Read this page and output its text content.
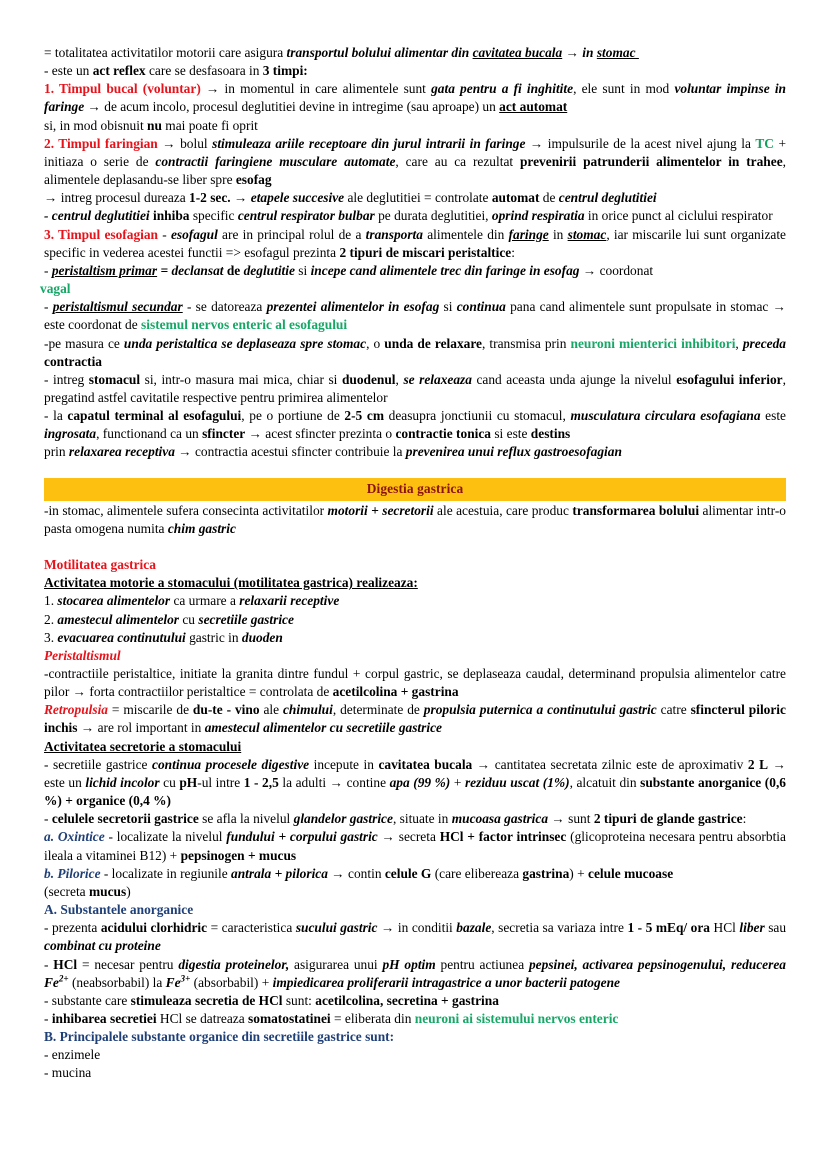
= totalitatea activitatilor motorii care asigura transportul bolului alimentar din cavitatea bucala → in stomac

- este un act reflex care se desfasoara in 3 timpi:

1. Timpul bucal (voluntar) → in momentul in care alimentele sunt gata pentru a fi inghitite, ele sunt in mod voluntar impinse in faringe → de acum incolo, procesul deglutitiei devine in intregime (sau aproape) un act automat

si, in mod obisnuit nu mai poate fi oprit

2. Timpul faringian → bolul stimuleaza ariile receptoare din jurul intrarii in faringe → impulsurile de la acest nivel ajung la TC + initiaza o serie de contractii faringiene musculare automate, care au ca rezultat prevenirii patrunderii alimentelor in trahee, alimentele deplasandu-se liber spre esofag

→ intreg procesul dureaza 1-2 sec. → etapele succesive ale deglutitiei = controlate automat de centrul deglutitiei

- centrul deglutitiei inhiba specific centrul respirator bulbar pe durata deglutitiei, oprind respiratia in orice punct al ciclului respirator

3. Timpul esofagian - esofagul are in principal rolul de a transporta alimentele din faringe in stomac, iar miscarile lui sunt organizate specific in vederea acestei functii => esofagul prezinta 2 tipuri de miscari peristaltice:

- peristaltism primar = declansat de deglutitie si incepe cand alimentele trec din faringe in esofag → coordonat

vagal

- peristaltismul secundar - se datoreaza prezentei alimentelor in esofag si continua pana cand alimentele sunt propulsate in stomac → este coordonat de sistemul nervos enteric al esofagului

-pe masura ce unda peristaltica se deplaseaza spre stomac, o unda de relaxare, transmisa prin neuroni mienterici inhibitori, preceda contractia

- intreg stomacul si, intr-o masura mai mica, chiar si duodenul, se relaxeaza cand aceasta unda ajunge la nivelul esofagului inferior, pregatind astfel cavitatile respective pentru primirea alimentelor

- la capatul terminal al esofagului, pe o portiune de 2-5 cm deasupra jonctiunii cu stomacul, musculatura circulara esofagiana este ingrosata, functionand ca un sfincter → acest sfincter prezinta o contractie tonica si este destins

prin relaxarea receptiva → contractia acestui sfincter contribuie la prevenirea unui reflux gastroesofagian

Digestia gastrica

-in stomac, alimentele sufera consecinta activitatilor motorii + secretorii ale acestuia, care produc transformarea bolului alimentar intr-o pasta omogena numita chim gastric

Motilitatea gastrica

Activitatea motorie a stomacului (motilitatea gastrica) realizeaza:

1. stocarea alimentelor ca urmare a relaxarii receptive

2. amestecul alimentelor cu secretiile gastrice

3. evacuarea continutului gastric in duoden

Peristaltismul

-contractiile peristaltice, initiate la granita dintre fundul + corpul gastric, se deplaseaza caudal, determinand propulsia alimentelor catre pilor → forta contractiilor peristaltice = controlata de acetilcolina + gastrina

Retropulsia = miscarile de du-te - vino ale chimului, determinate de propulsia puternica a continutului gastric catre sfincterul piloric inchis → are rol important in amestecul alimentelor cu secretiile gastrice

Activitatea secretorie a stomacului

- secretiile gastrice continua procesele digestive incepute in cavitatea bucala → cantitatea secretata zilnic este de aproximativ 2 L → este un lichid incolor cu pH-ul intre 1 - 2,5 la adulti → contine apa (99 %) + reziduu uscat (1%), alcatuit din substante anorganice (0,6 %) + organice (0,4 %)

- celulele secretorii gastrice se afla la nivelul glandelor gastrice, situate in mucoasa gastrica → sunt 2 tipuri de glande gastrice:

a. Oxintice - localizate la nivelul fundului + corpului gastric → secreta HCl + factor intrinsec (glicoproteina necesara pentru absorbtia ileala a vitaminei B12) + pepsinogen + mucus

b. Pilorice - localizate in regiunile antrala + pilorica → contin celule G (care elibereaza gastrina) + celule mucoase

(secreta mucus)

A. Substantele anorganice

- prezenta acidului clorhidric = caracteristica sucului gastric → in conditii bazale, secretia sa variaza intre 1 - 5 mEq/ ora HCl liber sau combinat cu proteine

- HCl = necesar pentru digestia proteinelor, asigurarea unui pH optim pentru actiunea pepsinei, activarea pepsinogenului, reducerea $Fe^{2+}$ (neabsorbabil) la $Fe^{3+}$ (absorbabil) + impiedicarea proliferarii intragastrice a unor bacterii patogene

- substante care stimuleaza secretia de HCl sunt: acetilcolina, secretina + gastrina

- inhibarea secretiei HCl se datreaza somatostatinei = eliberata din neuroni ai sistemului nervos enteric

B. Principalele substante organice din secretiile gastrice sunt:

- enzimele

- mucina
